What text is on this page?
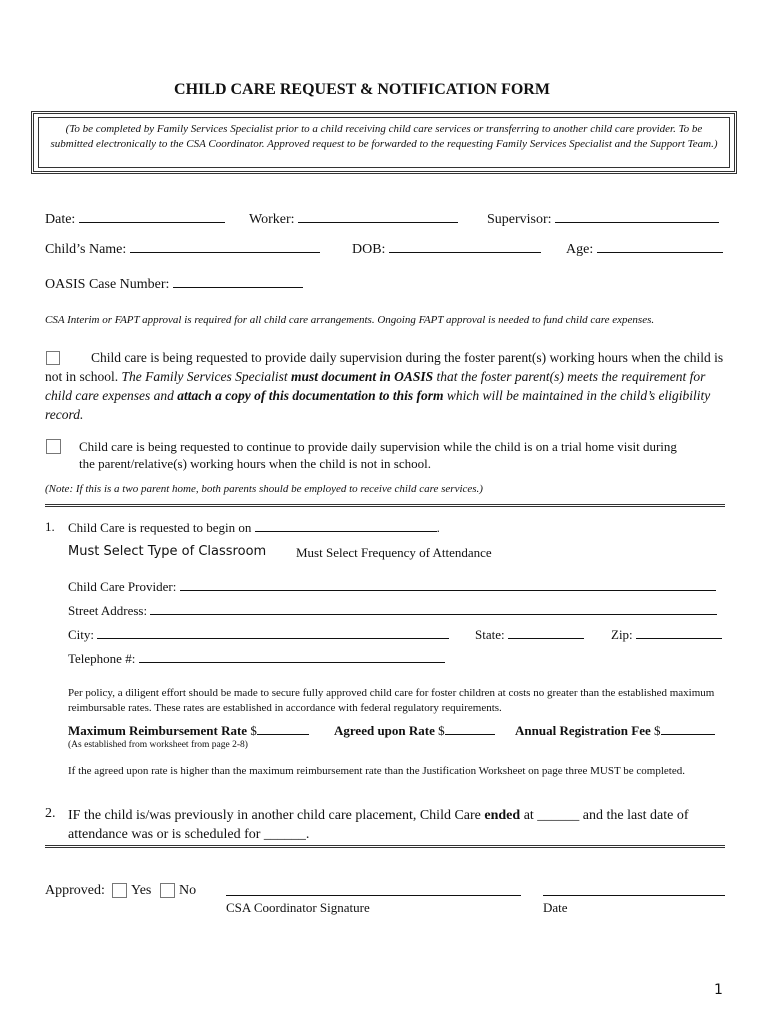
CHILD CARE REQUEST & NOTIFICATION FORM
(To be completed by Family Services Specialist prior to a child receiving child care services or transferring to another child care provider. To be submitted electronically to the CSA Coordinator. Approved request to be forwarded to the requesting Family Services Specialist and the Support Team.)
Date:	Worker:	Supervisor:
Child’s Name:	DOB:	Age:
OASIS Case Number:
CSA Interim or FAPT approval is required for all child care arrangements. Ongoing FAPT approval is needed to fund child care expenses.
Child care is being requested to provide daily supervision during the foster parent(s) working hours when the child is not in school. The Family Services Specialist must document in OASIS that the foster parent(s) meets the requirement for child care expenses and attach a copy of this documentation to this form which will be maintained in the child’s eligibility record.
Child care is being requested to continue to provide daily supervision while the child is on a trial home visit during
the parent/relative(s) working hours when the child is not in school.
(Note: If this is a two parent home, both parents should be employed to receive child care services.)
1. Child Care is requested to begin on	.
Must Select Type of Classroom Must Select Frequency of Attendance
Child Care Provider:
Street Address:
City:	State:	Zip:
Telephone #:
Per policy, a diligent effort should be made to secure fully approved child care for foster children at costs no greater than the established maximum reimbursable rates. These rates are established in accordance with federal regulatory requirements.
Maximum Reimbursement Rate $	Agreed upon Rate $	Annual Registration Fee $
(As established from worksheet from page 2-8)
If the agreed upon rate is higher than the maximum reimbursement rate than the Justification Worksheet on page three MUST be completed.
2. IF the child is/was previously in another child care placement, Child Care ended at ______ and the last date of
attendance was or is scheduled for ______.
Approved: Yes No
CSA Coordinator Signature	Date
1
